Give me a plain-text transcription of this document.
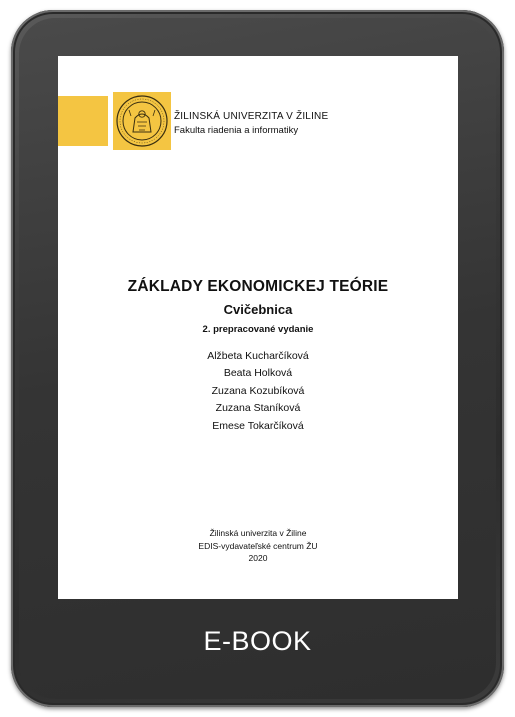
ŽILINSKÁ UNIVERZITA V ŽILINE
Fakulta riadenia a informatiky
ZÁKLADY EKONOMICKEJ TEÓRIE
Cvičebnica
2. prepracované vydanie
Alžbeta Kucharčíková
Beata Holková
Zuzana Kozubíková
Zuzana Staníková
Emese Tokarčíková
Žilinská univerzita v Žiline
EDIS-vydavateľské centrum ŽU
2020
E-BOOK
